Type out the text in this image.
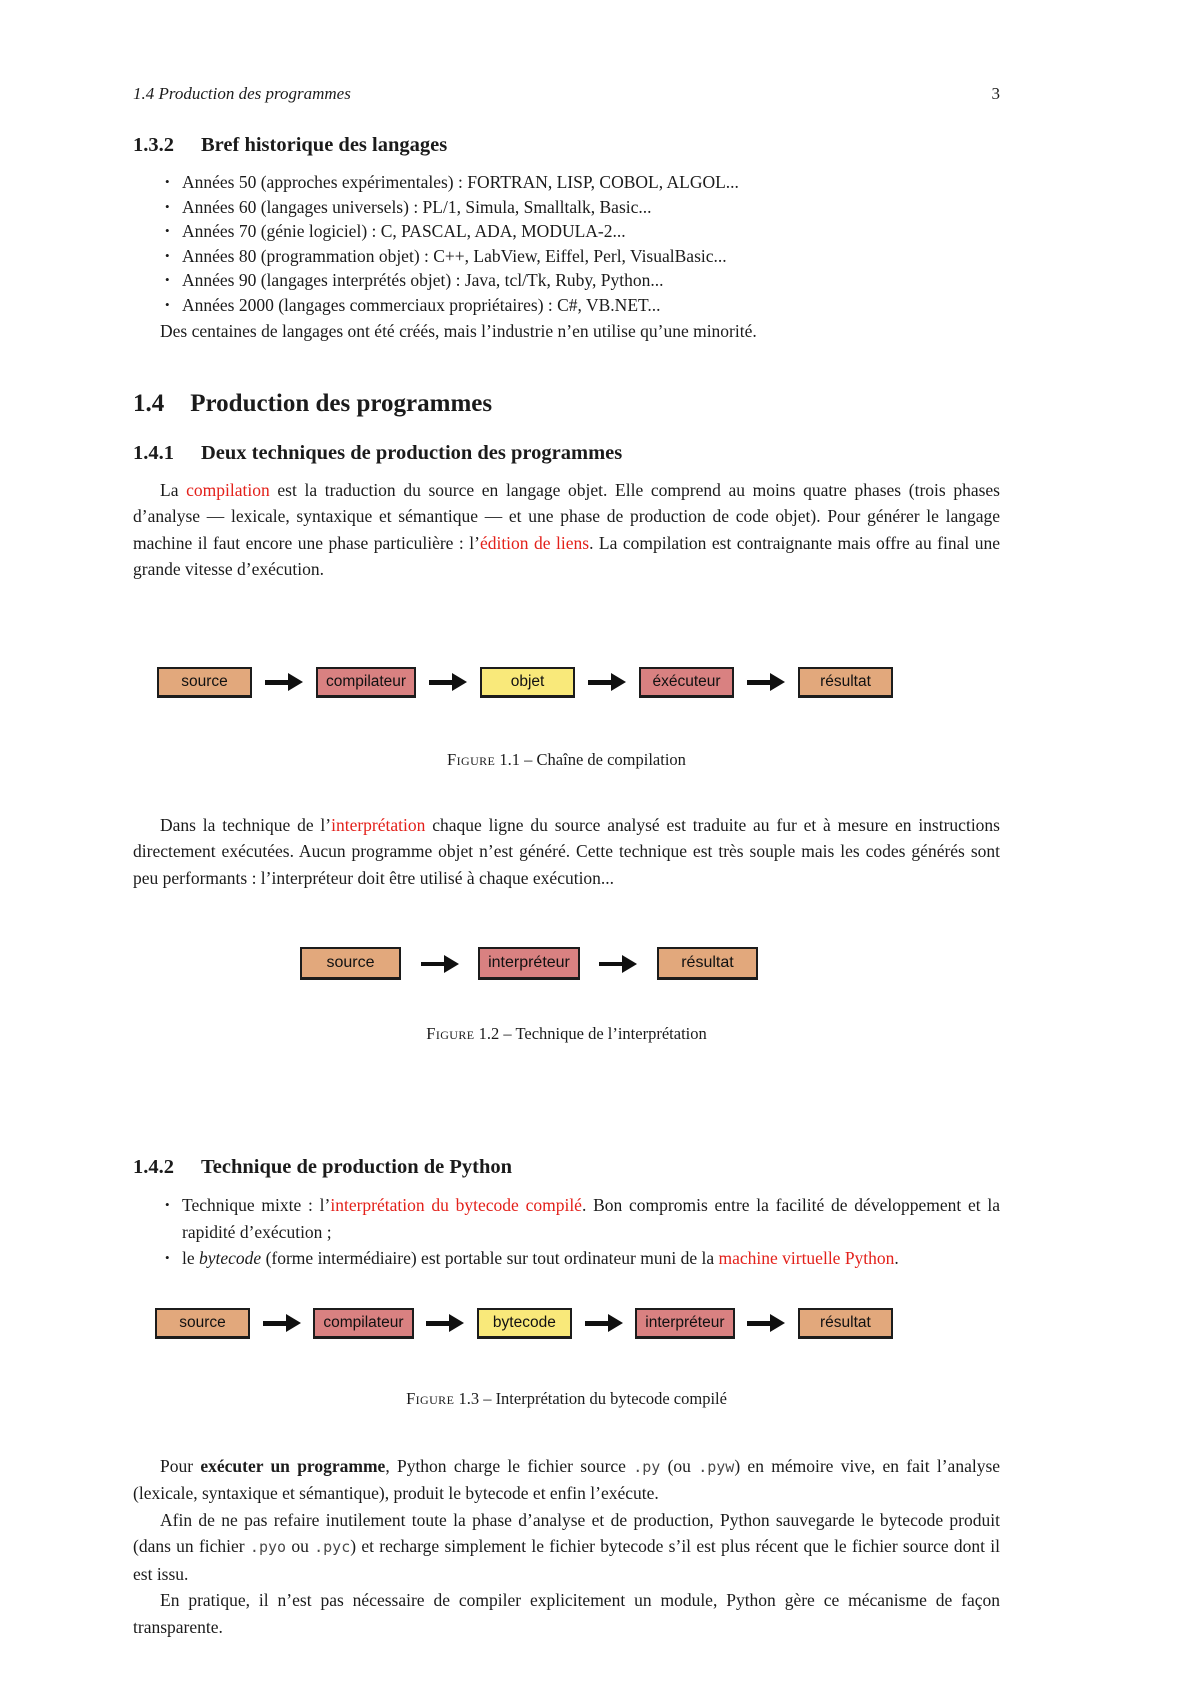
1.4 Production des programmes	3
1.3.2 Bref historique des langages
• Années 50 (approches expérimentales) : FORTRAN, LISP, COBOL, ALGOL...
• Années 60 (langages universels) : PL/1, Simula, Smalltalk, Basic...
• Années 70 (génie logiciel) : C, PASCAL, ADA, MODULA-2...
• Années 80 (programmation objet) : C++, LabView, Eiffel, Perl, VisualBasic...
• Années 90 (langages interprétés objet) : Java, tcl/Tk, Ruby, Python...
• Années 2000 (langages commerciaux propriétaires) : C#, VB.NET...

Des centaines de langages ont été créés, mais l’industrie n’en utilise qu’une minorité.

1.4 Production des programmes
1.4.1 Deux techniques de production des programmes

La compilation est la traduction du source en langage objet. Elle comprend au moins quatre phases (trois phases d’analyse — lexicale, syntaxique et sémantique — et une phase de production de code objet). Pour générer le langage machine il faut encore une phase particulière : l’édition de liens. La compilation est contraignante mais offre au final une grande vitesse d’exécution.

source	compilateur	objet	éxécuteur	résultat

Figure 1.1 – Chaîne de compilation

Dans la technique de l’interprétation chaque ligne du source analysé est traduite au fur et à mesure en instructions directement exécutées. Aucun programme objet n’est généré. Cette technique est très souple mais les codes générés sont peu performants : l’interpréteur doit être utilisé à chaque exécution...

source	interpréteur	résultat

Figure 1.2 – Technique de l’interprétation

1.4.2 Technique de production de Python
• Technique mixte : l’interprétation du bytecode compilé. Bon compromis entre la facilité de développement et la rapidité d’exécution ;
• le bytecode (forme intermédiaire) est portable sur tout ordinateur muni de la machine virtuelle Python.
source	compilateur	bytecode	interpréteur	résultat

Figure 1.3 – Interprétation du bytecode compilé

Pour exécuter un programme, Python charge le fichier source .py (ou .pyw) en mémoire vive, en fait l’analyse (lexicale, syntaxique et sémantique), produit le bytecode et enfin l’exécute.

Afin de ne pas refaire inutilement toute la phase d’analyse et de production, Python sauvegarde le bytecode produit (dans un fichier .pyo ou .pyc) et recharge simplement le fichier bytecode s’il est plus récent que le fichier source dont il est issu.

En pratique, il n’est pas nécessaire de compiler explicitement un module, Python gère ce mécanisme de façon transparente.
